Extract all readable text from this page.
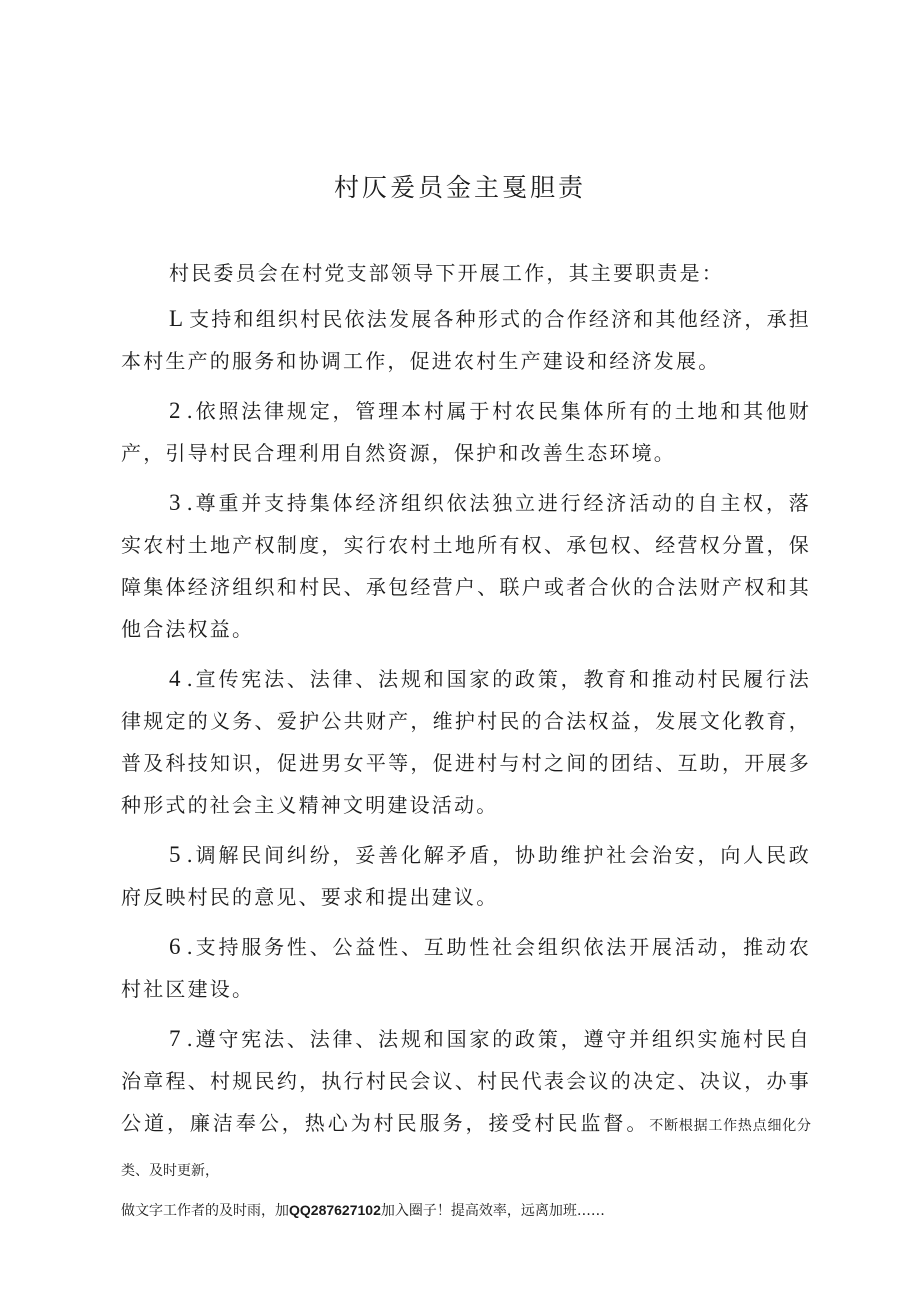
村仄爰员金主戛胆责

村民委员会在村党支部领导下开展工作，其主要职责是：

L 支持和组织村民依法发展各种形式的合作经济和其他经济，承担本村生产的服务和协调工作，促进农村生产建设和经济发展。

2 .依照法律规定，管理本村属于村农民集体所有的土地和其他财产，引导村民合理利用自然资源，保护和改善生态环境。

3 .尊重并支持集体经济组织依法独立进行经济活动的自主权，落实农村土地产权制度，实行农村土地所有权、承包权、经营权分置，保障集体经济组织和村民、承包经营户、联户或者合伙的合法财产权和其他合法权益。

4 .宣传宪法、法律、法规和国家的政策，教育和推动村民履行法律规定的义务、爱护公共财产，维护村民的合法权益，发展文化教育，普及科技知识，促进男女平等，促进村与村之间的团结、互助，开展多种形式的社会主义精神文明建设活动。

5 .调解民间纠纷，妥善化解矛盾，协助维护社会治安，向人民政府反映村民的意见、要求和提出建议。

6 .支持服务性、公益性、互助性社会组织依法开展活动，推动农村社区建设。

7 .遵守宪法、法律、法规和国家的政策，遵守并组织实施村民自治章程、村规民约，执行村民会议、村民代表会议的决定、决议，办事公道，廉洁奉公，热心为村民服务，接受村民监督。不断根据工作热点细化分类、及时更新，

做文字工作者的及时雨，加QQ287627102加入圈子！提高效率，远离加班……
